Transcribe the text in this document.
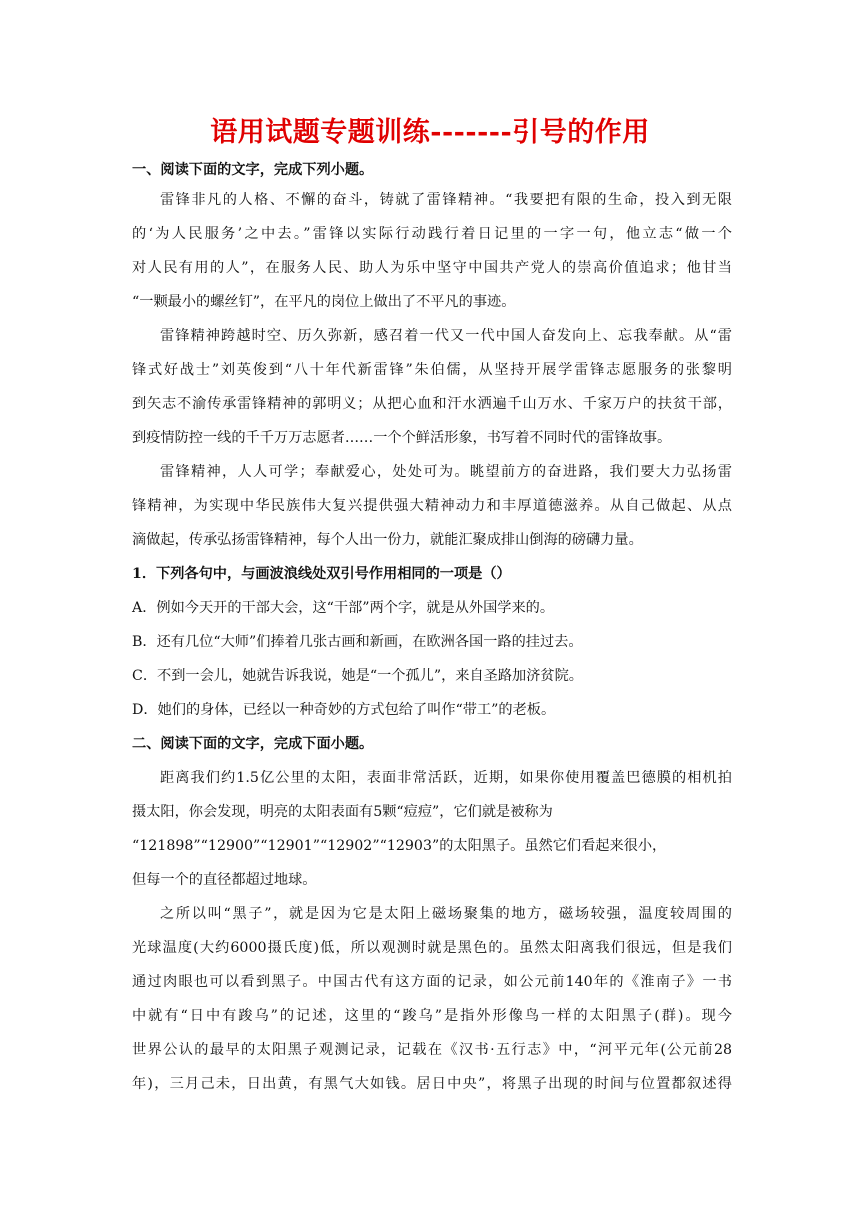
语用试题专题训练-------引号的作用
一、阅读下面的文字，完成下列小题。
雷锋非凡的人格、不懈的奋斗，铸就了雷锋精神。“我要把有限的生命，投入到无限
的‘为人民服务’之中去。”雷锋以实际行动践行着日记里的一字一句，他立志“做一个
对人民有用的人”，在服务人民、助人为乐中坚守中国共产党人的崇高价值追求；他甘当
“一颗最小的螺丝钉”，在平凡的岗位上做出了不平凡的事迹。
雷锋精神跨越时空、历久弥新，感召着一代又一代中国人奋发向上、忘我奉献。从“雷
锋式好战士”刘英俊到“八十年代新雷锋”朱伯儒，从坚持开展学雷锋志愿服务的张黎明
到矢志不渝传承雷锋精神的郭明义；从把心血和汗水洒遍千山万水、千家万户的扶贫干部，
到疫情防控一线的千千万万志愿者……一个个鲜活形象，书写着不同时代的雷锋故事。
雷锋精神，人人可学；奉献爱心，处处可为。眺望前方的奋进路，我们要大力弘扬雷
锋精神，为实现中华民族伟大复兴提供强大精神动力和丰厚道德滋养。从自己做起、从点
滴做起，传承弘扬雷锋精神，每个人出一份力，就能汇聚成排山倒海的磅礴力量。
1．下列各句中，与画波浪线处双引号作用相同的一项是（）
A．例如今天开的干部大会，这“干部”两个字，就是从外国学来的。
B．还有几位“大师”们捧着几张古画和新画，在欧洲各国一路的挂过去。
C．不到一会儿，她就告诉我说，她是“一个孤儿”，来自圣路加济贫院。
D．她们的身体，已经以一种奇妙的方式包给了叫作“带工”的老板。
二、阅读下面的文字，完成下面小题。
距离我们约1.5亿公里的太阳，表面非常活跃，近期，如果你使用覆盖巴德膜的相机拍
摄太阳，你会发现，明亮的太阳表面有5颗“痘痘”，它们就是被称为
“121898”“12900”“12901”“12902”“12903”的太阳黑子。虽然它们看起来很小，
但每一个的直径都超过地球。
之所以叫“黑子”，就是因为它是太阳上磁场聚集的地方，磁场较强，温度较周围的
光球温度(大约6000摄氏度)低，所以观测时就是黑色的。虽然太阳离我们很远，但是我们
通过肉眼也可以看到黑子。中国古代有这方面的记录，如公元前140年的《淮南子》一书
中就有“日中有踆乌”的记述，这里的“踆乌”是指外形像鸟一样的太阳黑子(群)。现今
世界公认的最早的太阳黑子观测记录，记载在《汉书·五行志》中，“河平元年(公元前28
年)，三月己未，日出黄，有黑气大如钱。居日中央”，将黑子出现的时间与位置都叙述得
